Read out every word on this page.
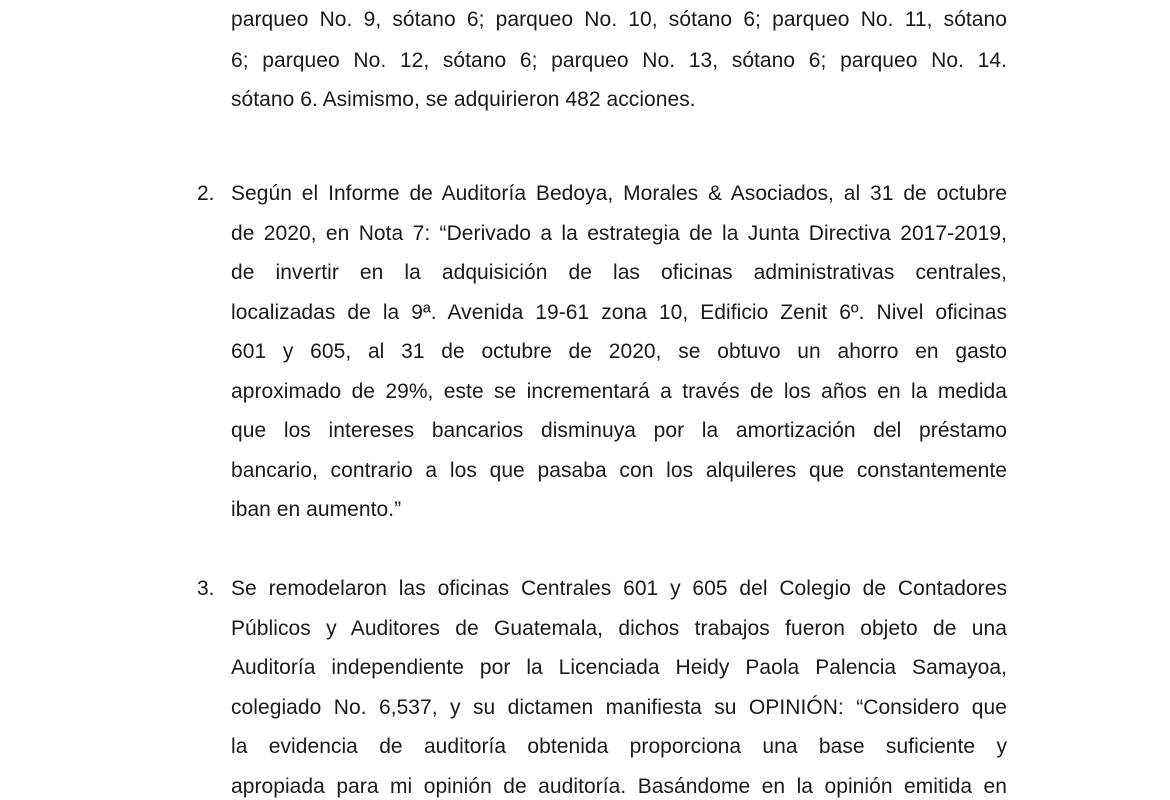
parqueo No. 9, sótano 6; parqueo No. 10, sótano 6; parqueo No. 11, sótano
6; parqueo No. 12, sótano 6; parqueo No. 13, sótano 6; parqueo No. 14.
sótano 6. Asimismo, se adquirieron 482 acciones.
2. Según el Informe de Auditoría Bedoya, Morales & Asociados, al 31 de octubre
de 2020, en Nota 7: “Derivado a la estrategia de la Junta Directiva 2017-2019,
de invertir en la adquisición de las oficinas administrativas centrales,
localizadas de la 9ª. Avenida 19-61 zona 10, Edificio Zenit 6º. Nivel oficinas
601 y 605, al 31 de octubre de 2020, se obtuvo un ahorro en gasto
aproximado de 29%, este se incrementará a través de los años en la medida
que los intereses bancarios disminuya por la amortización del préstamo
bancario, contrario a los que pasaba con los alquileres que constantemente
iban en aumento.”
3. Se remodelaron las oficinas Centrales 601 y 605 del Colegio de Contadores
Públicos y Auditores de Guatemala, dichos trabajos fueron objeto de una
Auditoría independiente por la Licenciada Heidy Paola Palencia Samayoa,
colegiado No. 6,537, y su dictamen manifiesta su OPINIÓN: “Considero que
la evidencia de auditoría obtenida proporciona una base suficiente y
apropiada para mi opinión de auditoría. Basándome en la opinión emitida en
